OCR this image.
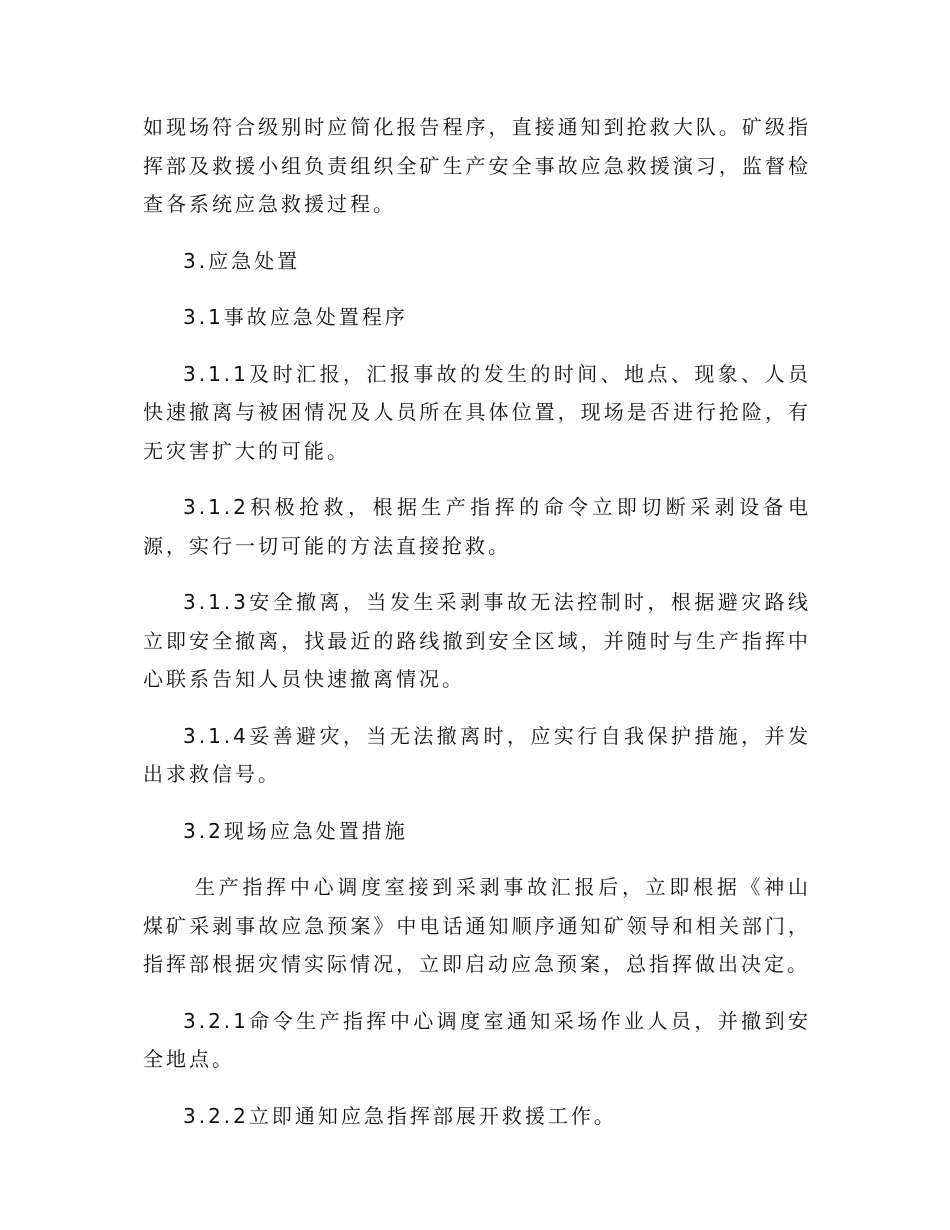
如现场符合级别时应简化报告程序，直接通知到抢救大队。矿级指挥部及救援小组负责组织全矿生产安全事故应急救援演习，监督检查各系统应急救援过程。

3.应急处置

3.1事故应急处置程序

3.1.1及时汇报，汇报事故的发生的时间、地点、现象、人员快速撤离与被困情况及人员所在具体位置，现场是否进行抢险，有无灾害扩大的可能。

3.1.2积极抢救，根据生产指挥的命令立即切断采剥设备电源，实行一切可能的方法直接抢救。

3.1.3安全撤离，当发生采剥事故无法控制时，根据避灾路线立即安全撤离，找最近的路线撤到安全区域，并随时与生产指挥中心联系告知人员快速撤离情况。

3.1.4妥善避灾，当无法撤离时，应实行自我保护措施，并发出求救信号。

3.2现场应急处置措施

生产指挥中心调度室接到采剥事故汇报后，立即根据《神山煤矿采剥事故应急预案》中电话通知顺序通知矿领导和相关部门，指挥部根据灾情实际情况，立即启动应急预案，总指挥做出决定。

3.2.1命令生产指挥中心调度室通知采场作业人员，并撤到安全地点。

3.2.2立即通知应急指挥部展开救援工作。
